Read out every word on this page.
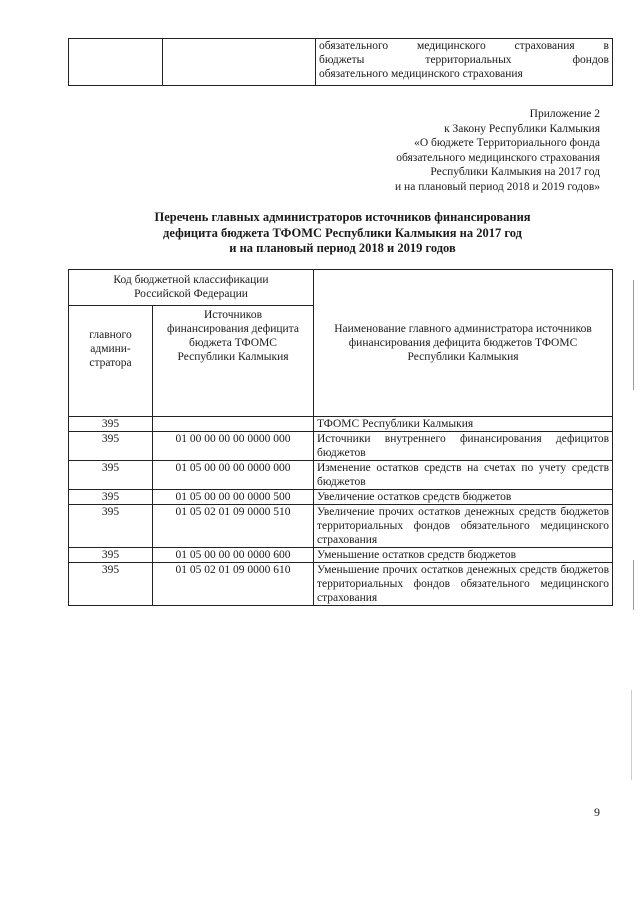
обязательного медицинского страхования в
бюджеты территориальных фондов
обязательного медицинского страхования
Приложение 2
к Закону Республики Калмыкия
«О бюджете Территориального фонда
обязательного медицинского страхования
Республики Калмыкия на 2017 год
и на плановый период 2018 и 2019 годов»
Перечень главных администраторов источников финансирования
дефицита бюджета ТФОМС Республики Калмыкия на 2017 год
и на плановый период 2018 и 2019 годов
Код бюджетной классификации Российской Федерации		Наименование главного администратора источников финансирования дефицита бюджетов ТФОМС Республики Калмыкия
главного админи-стратора	Источников финансирования дефицита бюджета ТФОМС Республики Калмыкия	
395		ТФОМС Республики Калмыкия
395	01 00 00 00 00 0000 000	Источники внутреннего финансирования дефицитов бюджетов
395	01 05 00 00 00 0000 000	Изменение остатков средств на счетах по учету средств бюджетов
395	01 05 00 00 00 0000 500	Увеличение остатков средств бюджетов
395	01 05 02 01 09 0000 510	Увеличение прочих остатков денежных средств бюджетов территориальных фондов обязательного медицинского страхования
395	01 05 00 00 00 0000 600	Уменьшение остатков средств бюджетов
395	01 05 02 01 09 0000 610	Уменьшение прочих остатков денежных средств бюджетов территориальных фондов обязательного медицинского страхования
9
